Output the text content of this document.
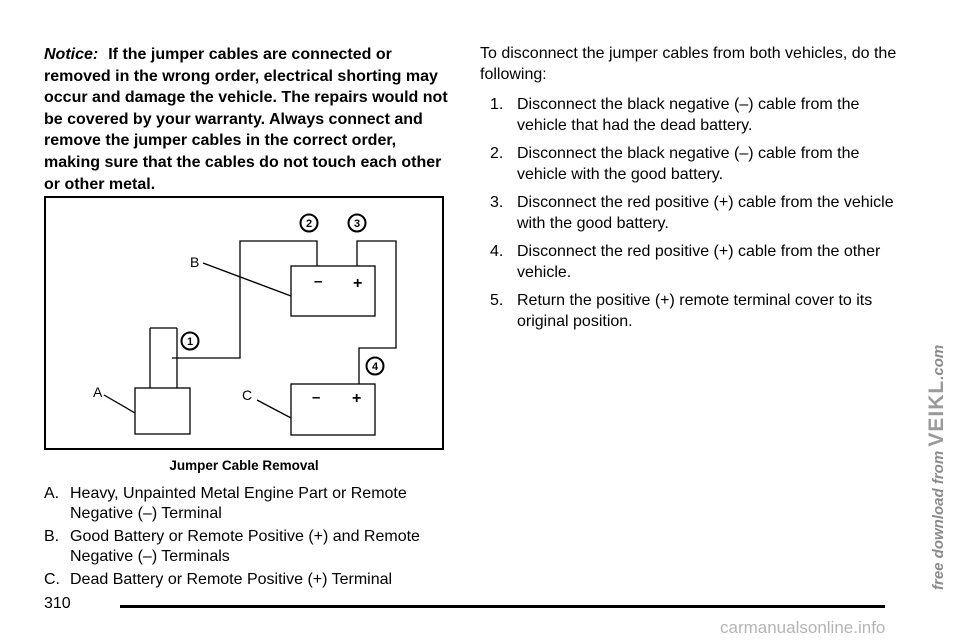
Notice: If the jumper cables are connected or removed in the wrong order, electrical shorting may occur and damage the vehicle. The repairs would not be covered by your warranty. Always connect and remove the jumper cables in the correct order, making sure that the cables do not touch each other or other metal.

– +
– +
B
A	C
1
2	3
4
Jumper Cable Removal
A. Heavy, Unpainted Metal Engine Part or Remote Negative (–) Terminal
B. Good Battery or Remote Positive (+) and Remote Negative (–) Terminals
C. Dead Battery or Remote Positive (+) Terminal

To disconnect the jumper cables from both vehicles, do the following:

1. Disconnect the black negative (–) cable from the vehicle that had the dead battery.
2. Disconnect the black negative (–) cable from the vehicle with the good battery.
3. Disconnect the red positive (+) cable from the vehicle with the good battery.
4. Disconnect the red positive (+) cable from the other vehicle.
5. Return the positive (+) remote terminal cover to its original position.
310
free download from VEIKL.com
carmanualsonline.info
